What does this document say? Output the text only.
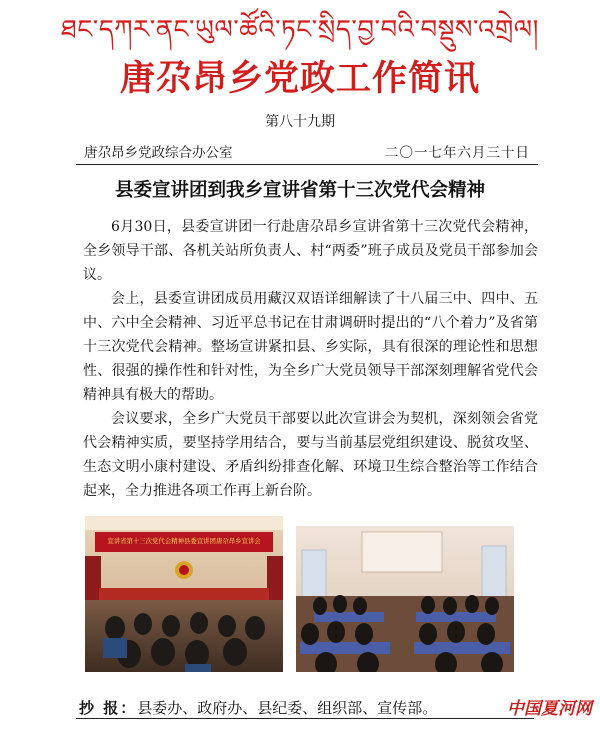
ཐང་དཀར་ནང་ཡུལ་ཚོའི་ཏང་སྲིད་བྱ་བའི་བསྡུས་འགྲེལ།
唐尕昂乡党政工作简讯
第八十九期
唐尕昂乡党政综合办公室	二〇一七年六月三十日
县委宣讲团到我乡宣讲省第十三次党代会精神

6月30日，县委宣讲团一行赴唐尕昂乡宣讲省第十三次党代会精神，全乡领导干部、各机关站所负责人、村“两委”班子成员及党员干部参加会议。

会上，县委宣讲团成员用藏汉双语详细解读了十八届三中、四中、五中、六中全会精神、习近平总书记在甘肃调研时提出的“八个着力”及省第十三次党代会精神。整场宣讲紧扣县、乡实际，具有很深的理论性和思想性、很强的操作性和针对性，为全乡广大党员领导干部深刻理解省党代会精神具有极大的帮助。

会议要求，全乡广大党员干部要以此次宣讲会为契机，深刻领会省党代会精神实质，要坚持学用结合，要与当前基层党组织建设、脱贫攻坚、生态文明小康村建设、矛盾纠纷排查化解、环境卫生综合整治等工作结合起来，全力推进各项工作再上新台阶。

宣讲省第十三次党代会精神县委宣讲团唐尕昂乡宣讲会
抄 报：县委办、政府办、县纪委、组织部、宣传部。	中国夏河网
